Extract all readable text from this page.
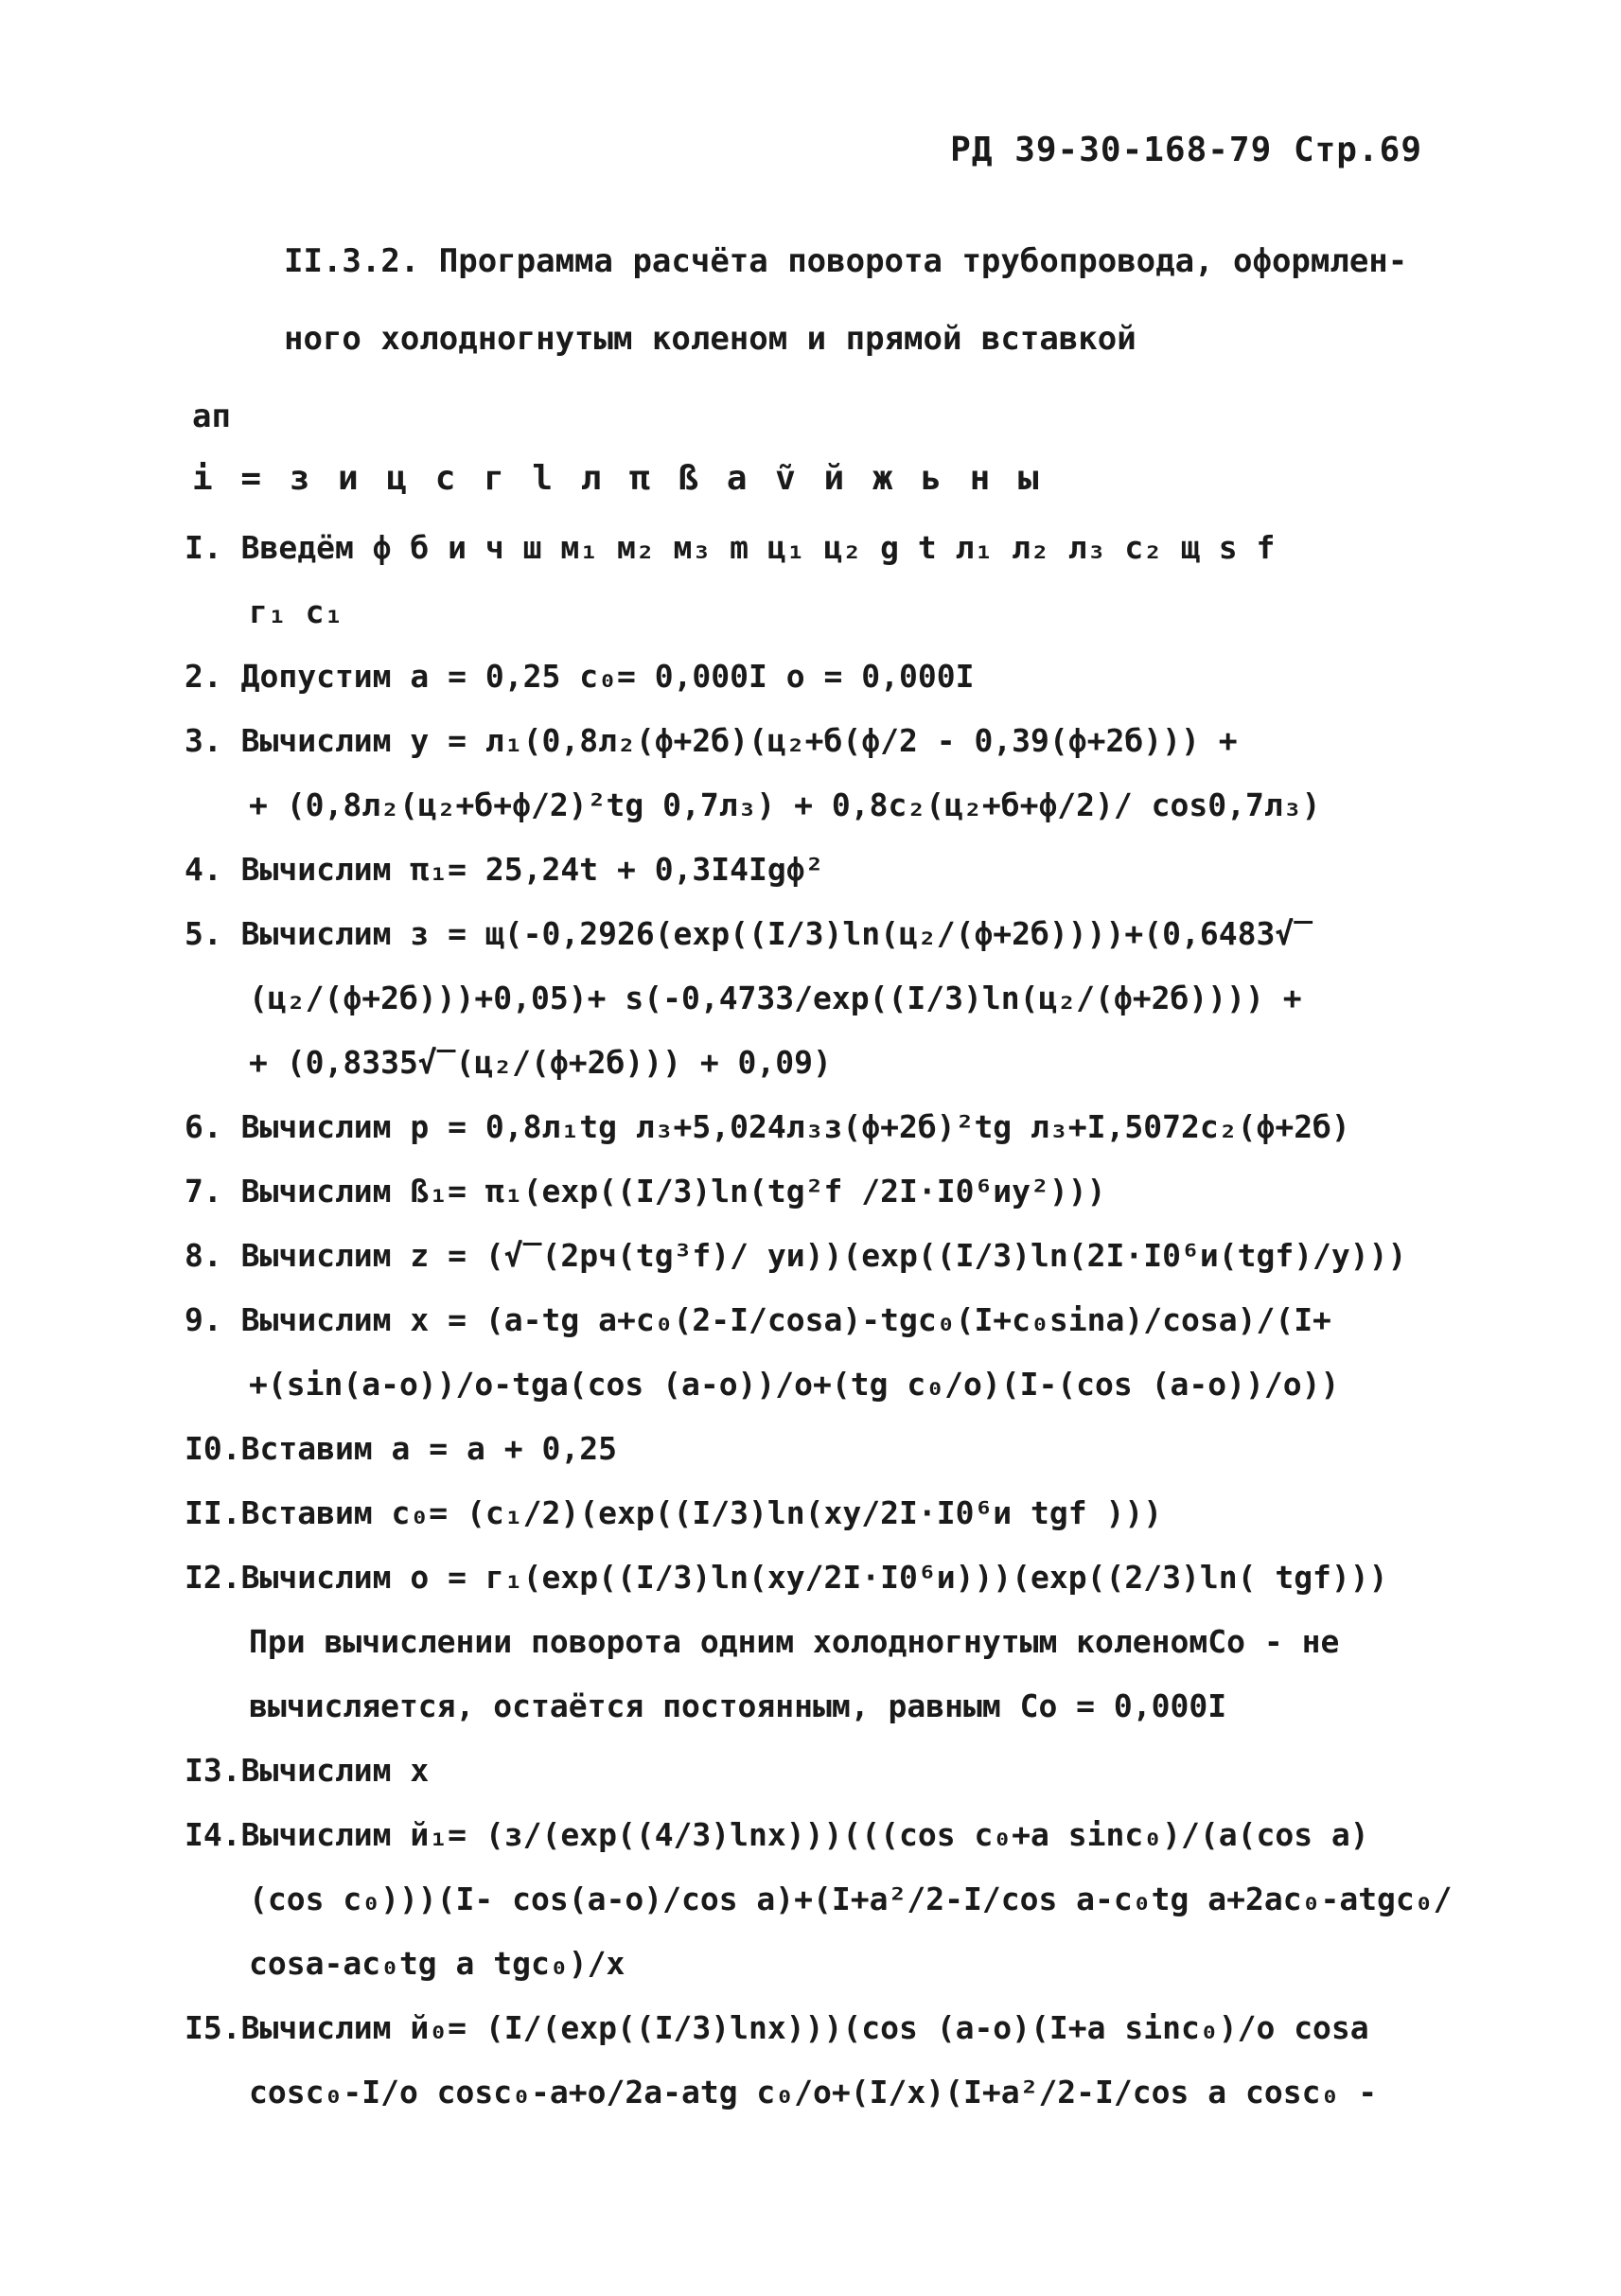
РД 39-30-168-79 Стр.69
II.3.2. Программа расчёта поворота трубопровода, оформлен-
ного холодногнутым коленом и прямой вставкой
ап
i = з и ц с г l л π ß а ṽ й ж ь н ы
I. Введём ф б и ч ш м₁ м₂ м₃ m ц₁ ц₂ g t л₁ л₂ л₃ с₂ щ s f
г₁ с₁
2. Допустим а = 0,25 с₀= 0,000I о = 0,000I
3. Вычислим у = л₁(0,8л₂(ф+2б)(ц₂+б(ф/2 - 0,39(ф+2б))) +
+ (0,8л₂(ц₂+б+ф/2)²tg 0,7л₃) + 0,8с₂(ц₂+б+ф/2)/ cos0,7л₃)
4. Вычислим π₁= 25,24t + 0,3I4Igф²
5. Вычислим з = щ(-0,2926(exp((I/3)ln(ц₂/(ф+2б))))+(0,6483√‾
(ц₂/(ф+2б)))+0,05)+ s(-0,4733/exp((I/3)ln(ц₂/(ф+2б)))) +
+ (0,8335√‾(ц₂/(ф+2б))) + 0,09)
6. Вычислим р = 0,8л₁tg л₃+5,024л₃з(ф+2б)²tg л₃+I,5072с₂(ф+2б)
7. Вычислим ß₁= π₁(exp((I/3)ln(tg²f /2I·I0⁶иу²)))
8. Вычислим z = (√‾(2рч(tg³f)/ уи))(exp((I/3)ln(2I·I0⁶и(tgf)/у)))
9. Вычислим х = (а-tg а+с₀(2-I/cosа)-tgс₀(I+с₀sinа)/cosа)/(I+
+(sin(а-о))/о-tgа(cos (а-о))/о+(tg с₀/о)(I-(cos (а-о))/о))
I0.Вставим а = а + 0,25
II.Вставим с₀= (с₁/2)(exp((I/3)ln(ху/2I·I0⁶и tgf )))
I2.Вычислим о = г₁(exp((I/3)ln(ху/2I·I0⁶и)))(exp((2/3)ln( tgf)))
При вычислении поворота одним холодногнутым коленомСо - не
вычисляется, остаётся постоянным, равным Со = 0,000I
I3.Вычислим х
I4.Вычислим й₁= (з/(exp((4/3)lnх)))(((cos с₀+а sinс₀)/(а(cos а)
(cos с₀)))(I- cos(а-о)/cos а)+(I+а²/2-I/cos а-с₀tg а+2ас₀-аtgс₀/
cosа-ас₀tg а tgс₀)/х
I5.Вычислим й₀= (I/(exp((I/3)lnх)))(cos (а-о)(I+а sinс₀)/о cosа
cosс₀-I/о cosс₀-а+о/2а-аtg с₀/о+(I/х)(I+а²/2-I/cos а cosс₀ -
